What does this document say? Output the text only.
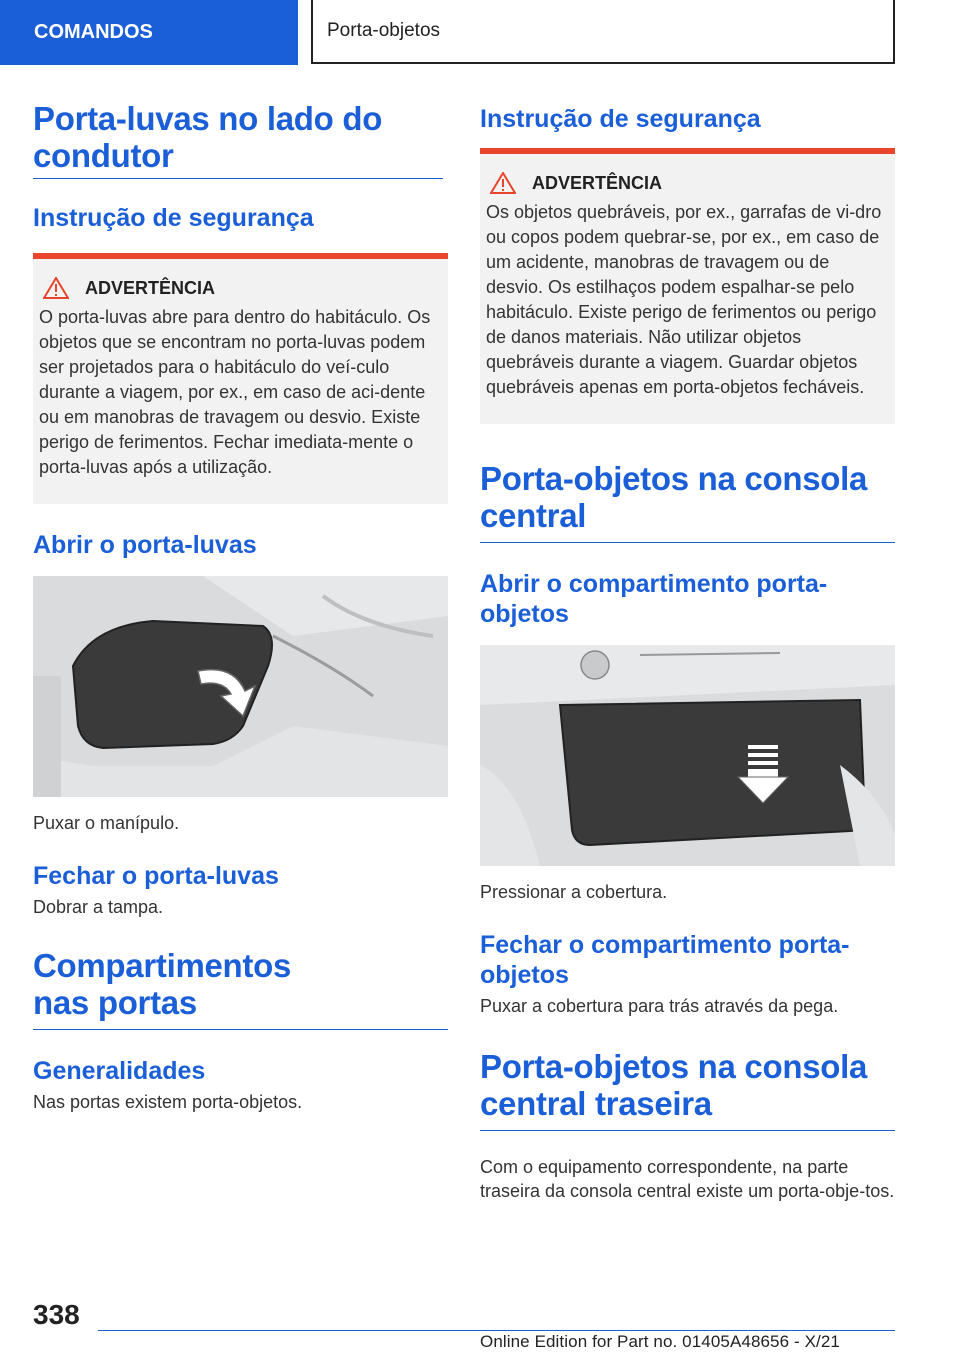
COMANDOS	Porta-objetos
Porta-luvas no lado do condutor
Instrução de segurança
ADVERTÊNCIA
O porta-luvas abre para dentro do habitáculo. Os objetos que se encontram no porta-luvas podem ser projetados para o habitáculo do veí-culo durante a viagem, por ex., em caso de aci-dente ou em manobras de travagem ou desvio. Existe perigo de ferimentos. Fechar imediata-mente o porta-luvas após a utilização.
Abrir o porta-luvas

Puxar o manípulo.

Fechar o porta-luvas

Dobrar a tampa.

Compartimentos nas portas
Generalidades

Nas portas existem porta-objetos.

Instrução de segurança
ADVERTÊNCIA
Os objetos quebráveis, por ex., garrafas de vi-dro ou copos podem quebrar-se, por ex., em caso de um acidente, manobras de travagem ou de desvio. Os estilhaços podem espalhar-se pelo habitáculo. Existe perigo de ferimentos ou perigo de danos materiais. Não utilizar objetos quebráveis durante a viagem. Guardar objetos quebráveis apenas em porta-objetos fecháveis.
Porta-objetos na consola central
Abrir o compartimento porta-objetos

Pressionar a cobertura.

Fechar o compartimento porta-objetos

Puxar a cobertura para trás através da pega.

Porta-objetos na consola central traseira

Com o equipamento correspondente, na parte traseira da consola central existe um porta-obje-tos.

338
Online Edition for Part no. 01405A48656 - X/21
